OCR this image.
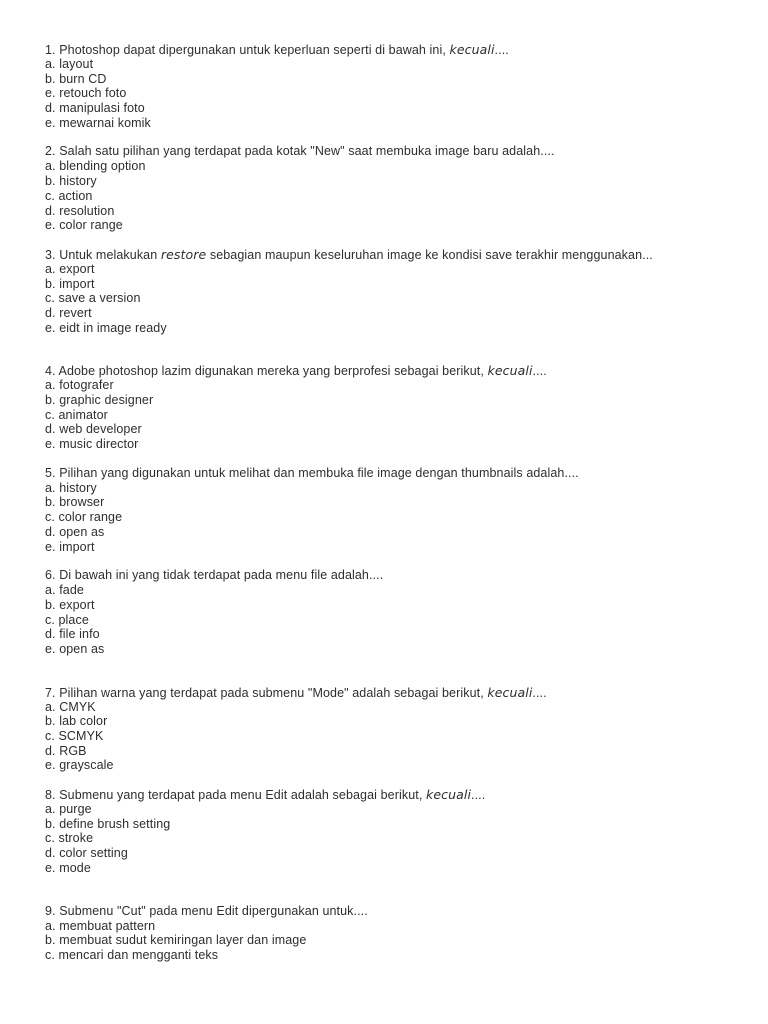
1. Photoshop dapat dipergunakan untuk keperluan seperti di bawah ini, kecuali....
a. layout
b. burn CD
e. retouch foto
d. manipulasi foto
e. mewarnai komik
2. Salah satu pilihan yang terdapat pada kotak "New" saat membuka image baru adalah....
a. blending option
b. history
c. action
d. resolution
e. color range
3. Untuk melakukan restore sebagian maupun keseluruhan image ke kondisi save terakhir menggunakan...
a. export
b. import
c. save a version
d. revert
e. eidt in image ready
4. Adobe photoshop lazim digunakan mereka yang berprofesi sebagai berikut, kecuali....
a. fotografer
b. graphic designer
c. animator
d. web developer
e. music director
5. Pilihan yang digunakan untuk melihat dan membuka file image dengan thumbnails adalah....
a. history
b. browser
c. color range
d. open as
e. import
6. Di bawah ini yang tidak terdapat pada menu file adalah....
a. fade
b. export
c. place
d. file info
e. open as
7. Pilihan warna yang terdapat pada submenu "Mode" adalah sebagai berikut, kecuali....
a. CMYK
b. lab color
c. SCMYK
d. RGB
e. grayscale
8. Submenu yang terdapat pada menu Edit adalah sebagai berikut, kecuali....
a. purge
b. define brush setting
c. stroke
d. color setting
e. mode
9. Submenu "Cut" pada menu Edit dipergunakan untuk....
a. membuat pattern
b. membuat sudut kemiringan layer dan image
c. mencari dan mengganti teks
